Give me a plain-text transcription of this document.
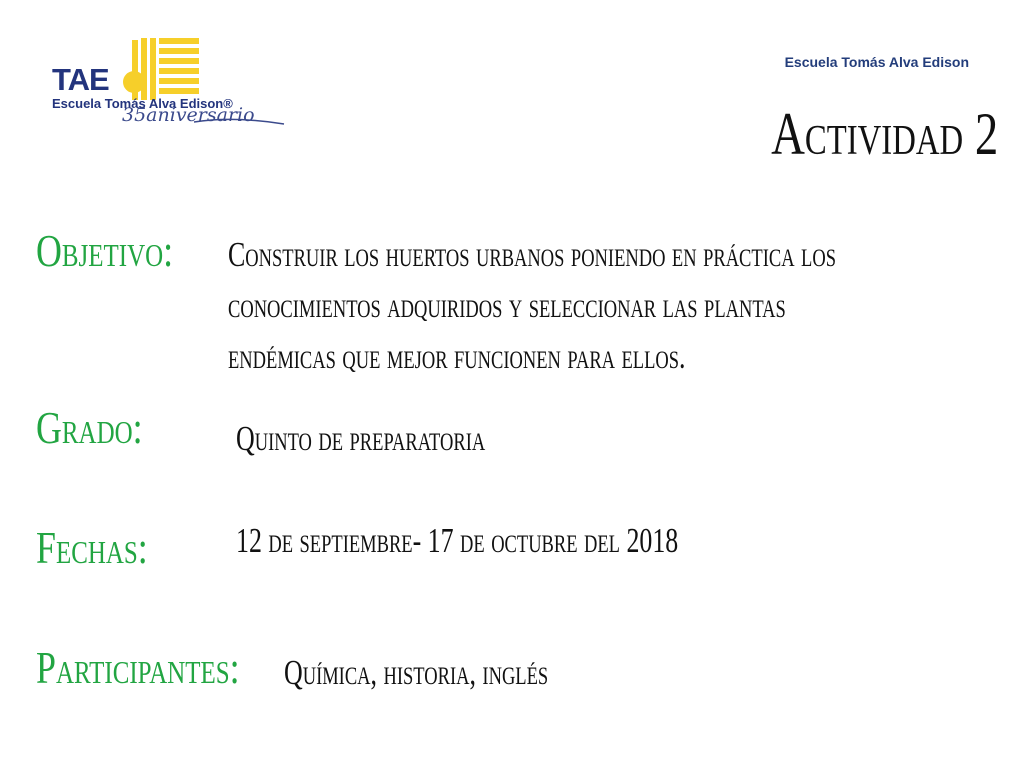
TAE
Escuela Tomás Alva Edison®
35aniversario
Escuela Tomás Alva Edison
Actividad 2
Objetivo: Construir los huertos urbanos poniendo en práctica los
conocimientos adquiridos y seleccionar las plantas
endémicas que mejor funcionen para ellos.
Grado:	Quinto de preparatoria
Fechas:	12 de septiembre- 17 de octubre del 2018
Participantes: Química, historia, inglés
